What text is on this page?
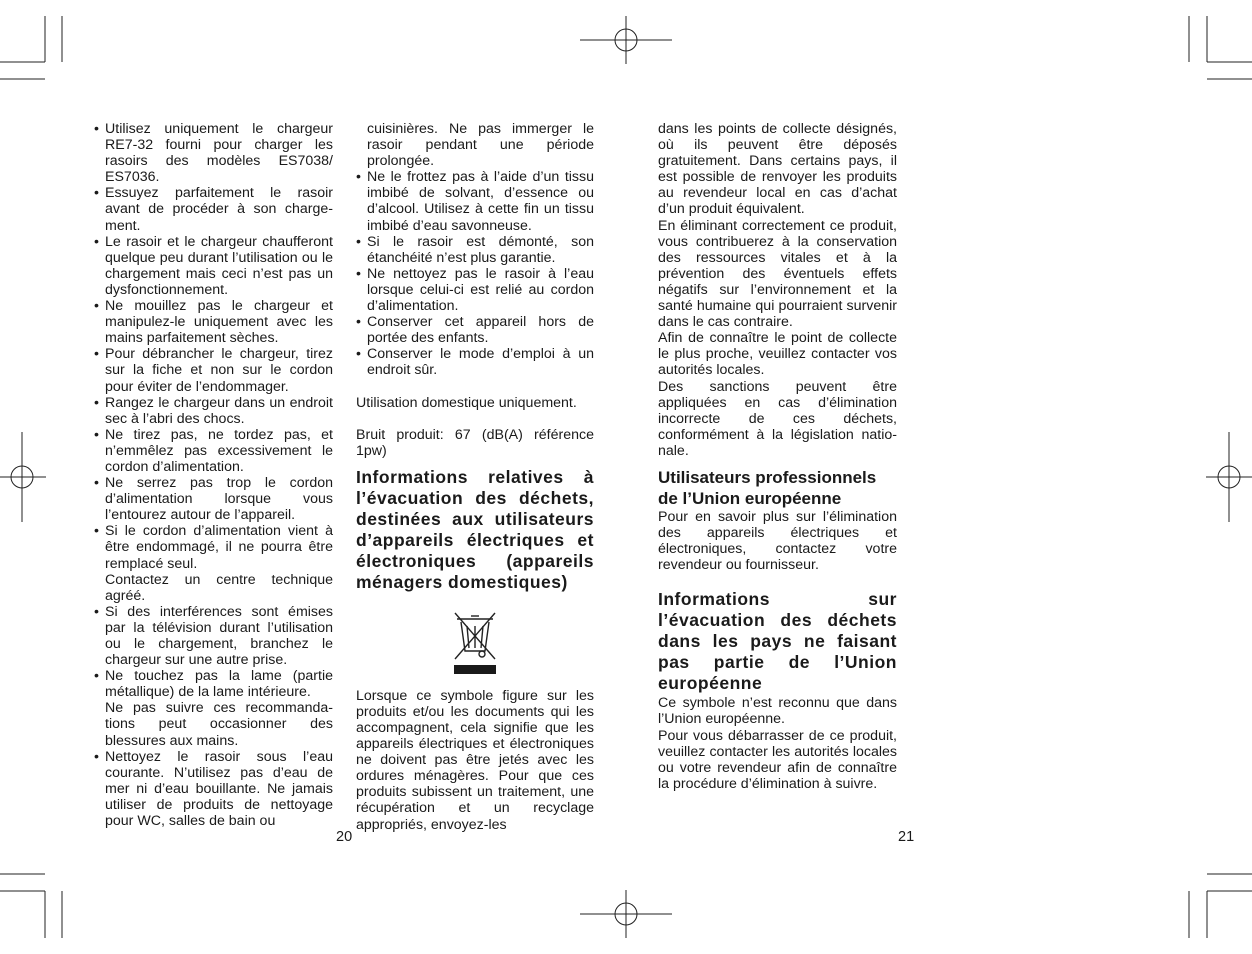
• Utilisez uniquement le chargeur RE7-32 fourni pour charger les rasoirs des modèles ES7038/ ES7036.
• Essuyez parfaitement le rasoir avant de procéder à son charge- ment.
• Le rasoir et le chargeur chaufferont quelque peu durant l’utilisation ou le chargement mais ceci n’est pas un dysfonctionnement.
• Ne mouillez pas le chargeur et manipulez-le uniquement avec les mains parfaitement sèches.
• Pour débrancher le chargeur, tirez sur la fiche et non sur le cordon pour éviter de l’endommager.
• Rangez le chargeur dans un endroit sec à l’abri des chocs.
• Ne tirez pas, ne tordez pas, et n’emmêlez pas excessivement le cordon d’alimentation.
• Ne serrez pas trop le cordon d’alimentation lorsque vous l’entourez autour de l’appareil.
• Si le cordon d’alimentation vient à être endommagé, il ne pourra être remplacé seul.

Contactez un centre technique agréé.

• Si des interférences sont émises par la télévision durant l’utilisation ou le chargement, branchez le chargeur sur une autre prise.
• Ne touchez pas la lame (partie métallique) de la lame intérieure.

Ne pas suivre ces recommanda- tions peut occasionner des blessures aux mains.

• Nettoyez le rasoir sous l’eau courante. N’utilisez pas d’eau de mer ni d’eau bouillante. Ne jamais utiliser de produits de nettoyage pour WC, salles de bain ou

cuisinières. Ne pas immerger le rasoir pendant une période prolongée.

• Ne le frottez pas à l’aide d’un tissu imbibé de solvant, d’essence ou d’alcool. Utilisez à cette fin un tissu imbibé d’eau savonneuse.
• Si le rasoir est démonté, son étanchéité n’est plus garantie.
• Ne nettoyez pas le rasoir à l’eau lorsque celui-ci est relié au cordon d’alimentation.
• Conserver cet appareil hors de portée des enfants.
• Conserver le mode d’emploi à un endroit sûr.

Utilisation domestique uniquement.

Bruit produit: 67 (dB(A) référence 1pw)

Informations relatives à l’évacuation des déchets, destinées aux utilisateurs d’appareils électriques et électroniques (appareils ménagers domestiques)

Lorsque ce symbole figure sur les produits et/ou les documents qui les accompagnent, cela signifie que les appareils électriques et électroniques ne doivent pas être jetés avec les ordures ménagères. Pour que ces produits subissent un traitement, une récupération et un recyclage appropriés, envoyez-les

dans les points de collecte désignés, où ils peuvent être déposés gratuitement. Dans certains pays, il est possible de renvoyer les produits au revendeur local en cas d’achat d’un produit équivalent.

En éliminant correctement ce produit, vous contribuerez à la conservation des ressources vitales et à la prévention des éventuels effets négatifs sur l’environnement et la santé humaine qui pourraient survenir dans le cas contraire.

Afin de connaître le point de collecte le plus proche, veuillez contacter vos autorités locales.

Des sanctions peuvent être appliquées en cas d’élimination incorrecte de ces déchets, conformément à la législation natio- nale.

Utilisateurs professionnels de l’Union européenne

Pour en savoir plus sur l’élimination des appareils électriques et électroniques, contactez votre revendeur ou fournisseur.

Informations sur l’évacuation des déchets dans les pays ne faisant pas partie de l’Union européenne

Ce symbole n’est reconnu que dans l’Union européenne.

Pour vous débarrasser de ce produit, veuillez contacter les autorités locales ou votre revendeur afin de connaître la procédure d’élimination à suivre.

20	21
